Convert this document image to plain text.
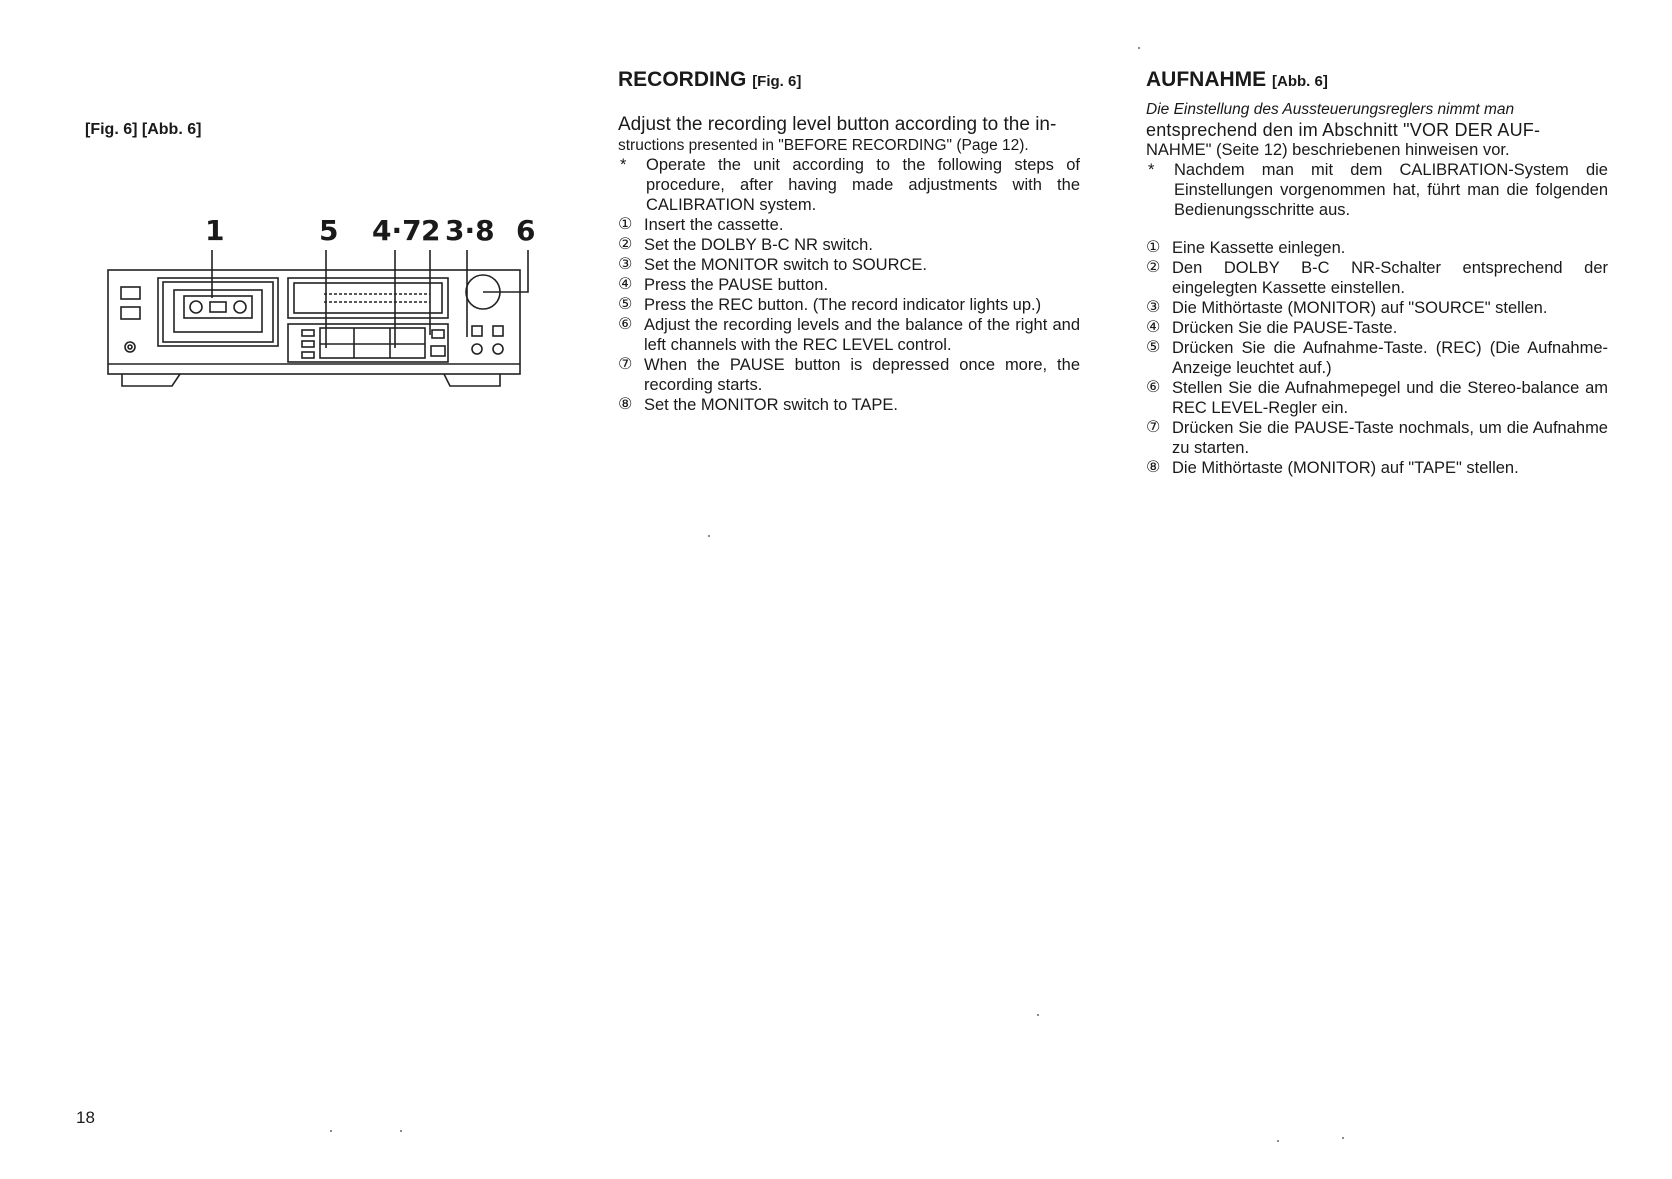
[Fig. 6] [Abb. 6]
1	5 4·7 2 3·8 6
RECORDING [Fig. 6]

Adjust the recording level button according to the in-

structions presented in "BEFORE RECORDING" (Page 12).

*	Operate the unit according to the following steps of procedure, after having made adjustments with the CALIBRATION system.
① Insert the cassette.
② Set the DOLBY B-C NR switch.
③ Set the MONITOR switch to SOURCE.
④ Press the PAUSE button.
⑤ Press the REC button. (The record indicator lights up.)
⑥ Adjust the recording levels and the balance of the right and left channels with the REC LEVEL control.
⑦ When the PAUSE button is depressed once more, the recording starts.
⑧ Set the MONITOR switch to TAPE.
AUFNAHME [Abb. 6]

Die Einstellung des Aussteuerungsreglers nimmt man

entsprechend den im Abschnitt "VOR DER AUF-

NAHME" (Seite 12) beschriebenen hinweisen vor.

*	Nachdem man mit dem CALIBRATION-System die Einstellungen vorgenommen hat, führt man die folgenden Bedienungsschritte aus.
① Eine Kassette einlegen.
② Den DOLBY B-C NR-Schalter entsprechend der eingelegten Kassette einstellen.
③ Die Mithörtaste (MONITOR) auf "SOURCE" stellen.
④ Drücken Sie die PAUSE-Taste.
⑤ Drücken Sie die Aufnahme-Taste. (REC) (Die Aufnahme-Anzeige leuchtet auf.)
⑥ Stellen Sie die Aufnahmepegel und die Stereo-balance am REC LEVEL-Regler ein.
⑦ Drücken Sie die PAUSE-Taste nochmals, um die Aufnahme zu starten.
⑧ Die Mithörtaste (MONITOR) auf "TAPE" stellen.
18
